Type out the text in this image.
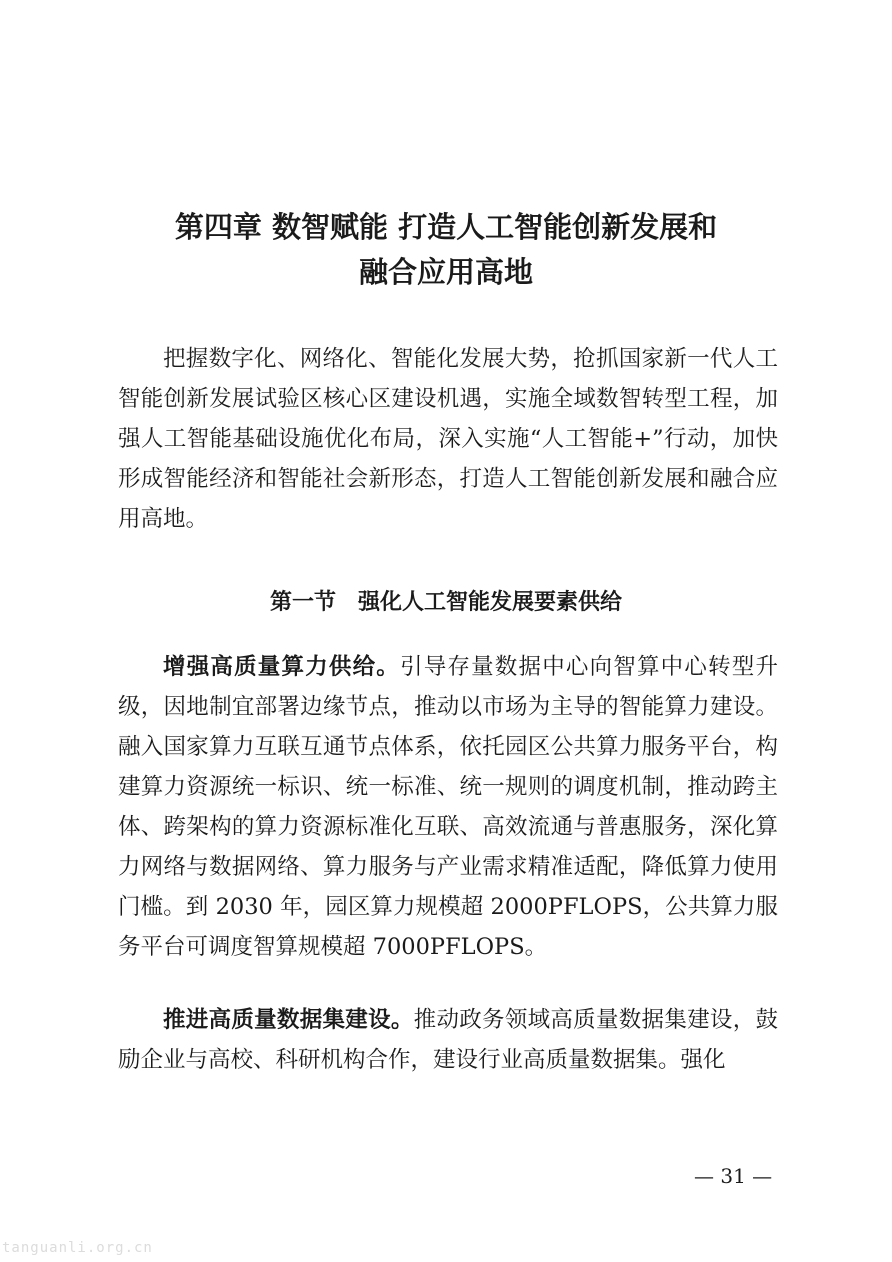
第四章 数智赋能 打造人工智能创新发展和
融合应用高地

把握数字化、网络化、智能化发展大势，抢抓国家新一代人工智能创新发展试验区核心区建设机遇，实施全域数智转型工程，加强人工智能基础设施优化布局，深入实施“人工智能+”行动，加快形成智能经济和智能社会新形态，打造人工智能创新发展和融合应用高地。

第一节　强化人工智能发展要素供给

增强高质量算力供给。引导存量数据中心向智算中心转型升级，因地制宜部署边缘节点，推动以市场为主导的智能算力建设。融入国家算力互联互通节点体系，依托园区公共算力服务平台，构建算力资源统一标识、统一标准、统一规则的调度机制，推动跨主体、跨架构的算力资源标准化互联、高效流通与普惠服务，深化算力网络与数据网络、算力服务与产业需求精准适配，降低算力使用门槛。到 2030 年，园区算力规模超 2000PFLOPS，公共算力服务平台可调度智算规模超 7000PFLOPS。

推进高质量数据集建设。推动政务领域高质量数据集建设，鼓励企业与高校、科研机构合作，建设行业高质量数据集。强化

— 31 —
tanguanli.org.cn
